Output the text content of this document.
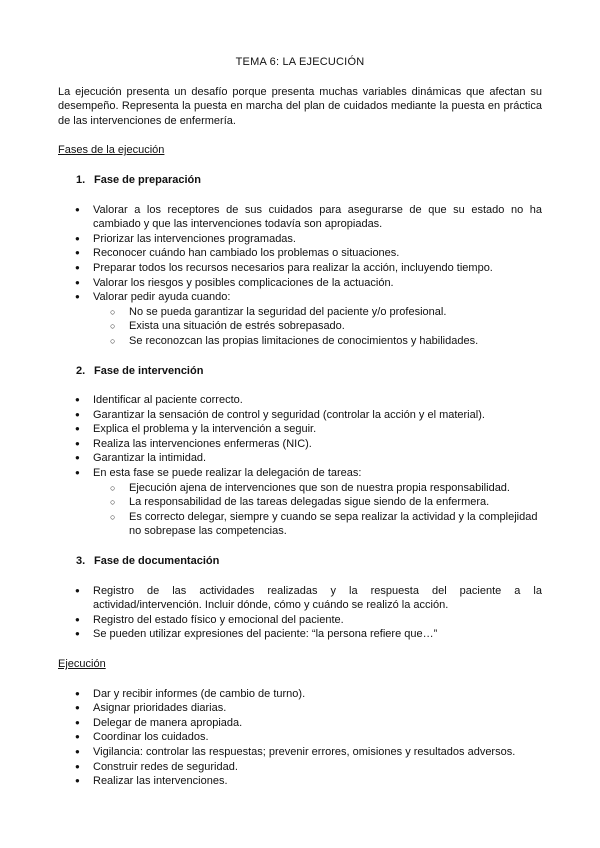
TEMA 6: LA EJECUCIÓN

La ejecución presenta un desafío porque presenta muchas variables dinámicas que afectan su desempeño. Representa la puesta en marcha del plan de cuidados mediante la puesta en práctica de las intervenciones de enfermería.

Fases de la ejecución
1. Fase de preparación
● Valorar a los receptores de sus cuidados para asegurarse de que su estado no ha cambiado y que las intervenciones todavía son apropiadas.
● Priorizar las intervenciones programadas.
● Reconocer cuándo han cambiado los problemas o situaciones.
● Preparar todos los recursos necesarios para realizar la acción, incluyendo tiempo.
● Valorar los riesgos y posibles complicaciones de la actuación.
● Valorar pedir ayuda cuando:
○ No se pueda garantizar la seguridad del paciente y/o profesional.
○ Exista una situación de estrés sobrepasado.
○ Se reconozcan las propias limitaciones de conocimientos y habilidades.
2. Fase de intervención
● Identificar al paciente correcto.
● Garantizar la sensación de control y seguridad (controlar la acción y el material).
● Explica el problema y la intervención a seguir.
● Realiza las intervenciones enfermeras (NIC).
● Garantizar la intimidad.
● En esta fase se puede realizar la delegación de tareas:
○ Ejecución ajena de intervenciones que son de nuestra propia responsabilidad.
○ La responsabilidad de las tareas delegadas sigue siendo de la enfermera.
○ Es correcto delegar, siempre y cuando se sepa realizar la actividad y la complejidad no sobrepase las competencias.
3. Fase de documentación
● Registro de las actividades realizadas y la respuesta del paciente a la actividad/intervención. Incluir dónde, cómo y cuándo se realizó la acción.
● Registro del estado físico y emocional del paciente.
● Se pueden utilizar expresiones del paciente: “la persona refiere que…”
Ejecución
● Dar y recibir informes (de cambio de turno).
● Asignar prioridades diarias.
● Delegar de manera apropiada.
● Coordinar los cuidados.
● Vigilancia: controlar las respuestas; prevenir errores, omisiones y resultados adversos.
● Construir redes de seguridad.
● Realizar las intervenciones.
